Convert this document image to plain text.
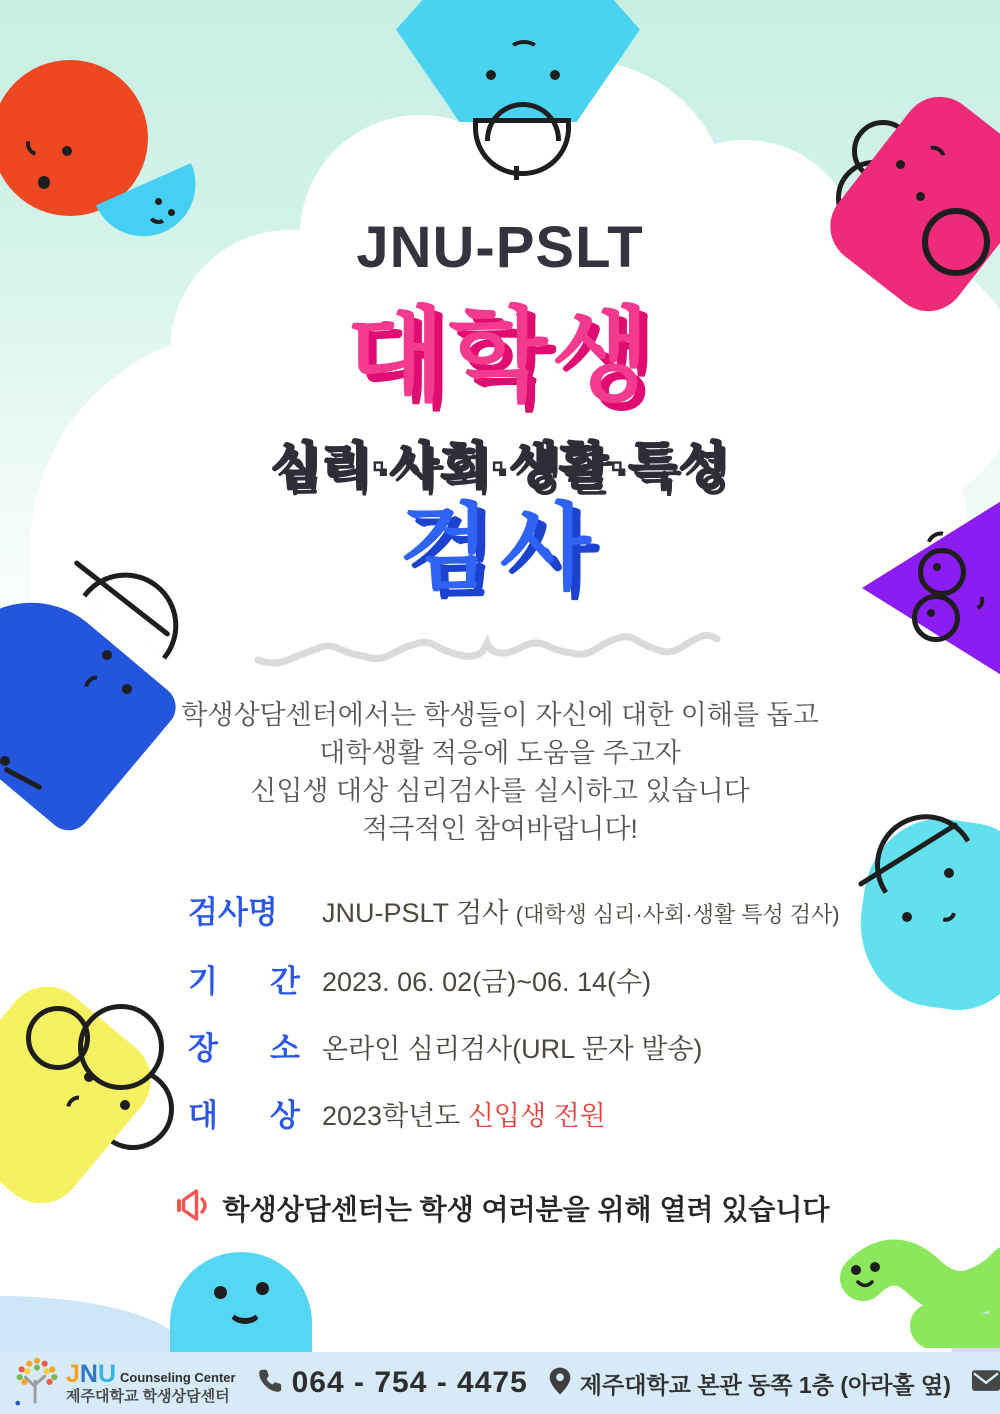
JNU-PSLT
대학생
심리·사회·생활·특성
검사
학생상담센터에서는 학생들이 자신에 대한 이해를 돕고
대학생활 적응에 도움을 주고자
신입생 대상 심리검사를 실시하고 있습니다
적극적인 참여바랍니다!
검사명	JNU-PSLT 검사 (대학생 심리·사회·생활 특성 검사)
기 간 2023. 06. 02(금)~06. 14(수)
장 소 온라인 심리검사(URL 문자 발송)
대 상 2023학년도 신입생 전원
학생상담센터는 학생 여러분을 위해 열려 있습니다
JNU Counseling Center
제주대학교 학생상담센터 064 - 754 - 4475 제주대학교 본관 동쪽 1층 (아라홀 옆)
